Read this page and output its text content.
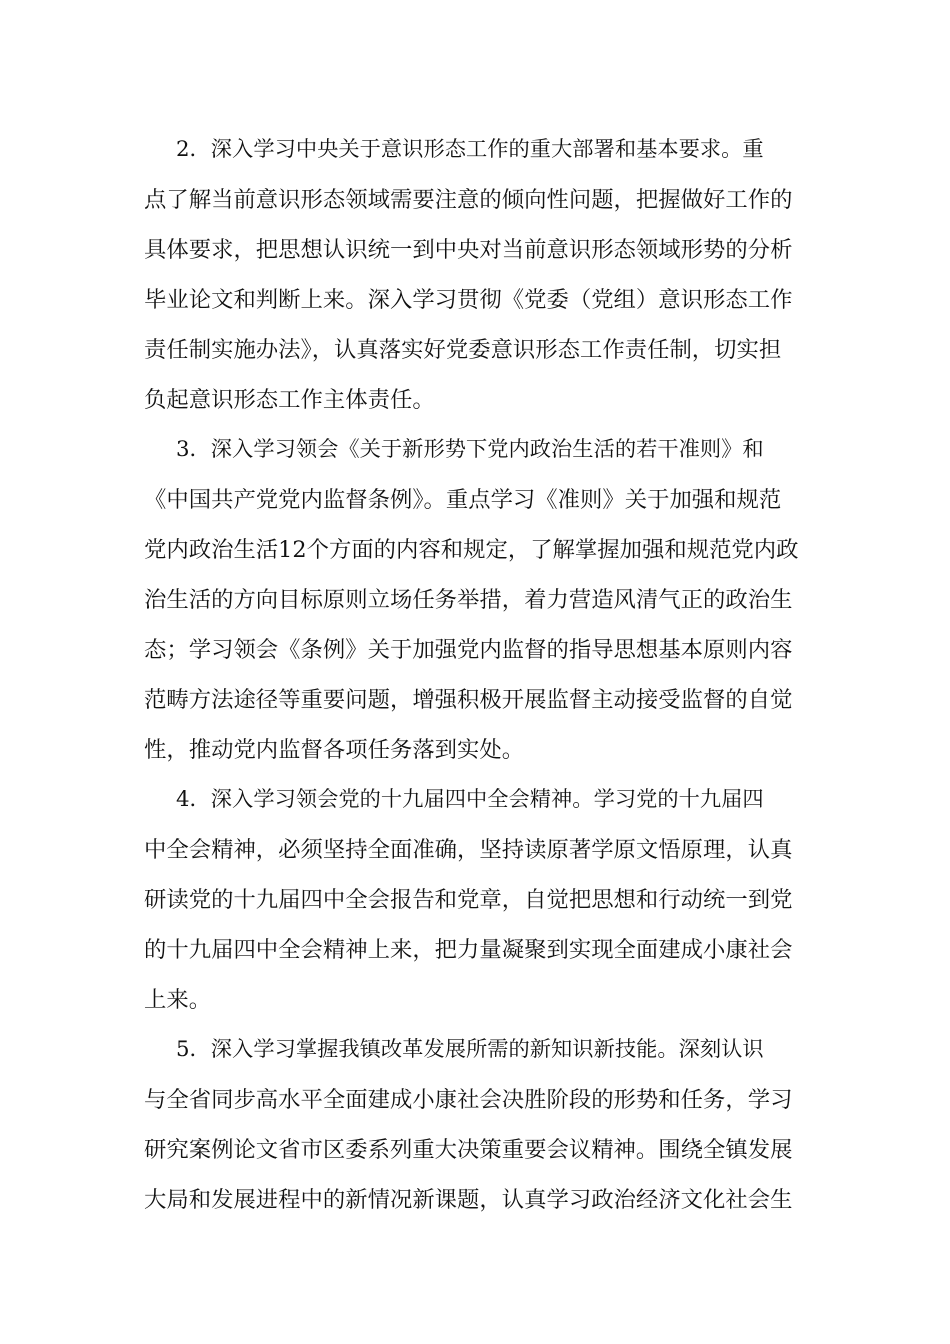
2．深入学习中央关于意识形态工作的重大部署和基本要求。重
点了解当前意识形态领域需要注意的倾向性问题，把握做好工作的
具体要求，把思想认识统一到中央对当前意识形态领域形势的分析
毕业论文和判断上来。深入学习贯彻《党委（党组）意识形态工作
责任制实施办法》，认真落实好党委意识形态工作责任制，切实担
负起意识形态工作主体责任。
3．深入学习领会《关于新形势下党内政治生活的若干准则》和
《中国共产党党内监督条例》。重点学习《准则》关于加强和规范
党内政治生活12个方面的内容和规定，了解掌握加强和规范党内政
治生活的方向目标原则立场任务举措，着力营造风清气正的政治生
态；学习领会《条例》关于加强党内监督的指导思想基本原则内容
范畴方法途径等重要问题，增强积极开展监督主动接受监督的自觉
性，推动党内监督各项任务落到实处。
4．深入学习领会党的十九届四中全会精神。学习党的十九届四
中全会精神，必须坚持全面准确，坚持读原著学原文悟原理，认真
研读党的十九届四中全会报告和党章，自觉把思想和行动统一到党
的十九届四中全会精神上来，把力量凝聚到实现全面建成小康社会
上来。
5．深入学习掌握我镇改革发展所需的新知识新技能。深刻认识
与全省同步高水平全面建成小康社会决胜阶段的形势和任务，学习
研究案例论文省市区委系列重大决策重要会议精神。围绕全镇发展
大局和发展进程中的新情况新课题，认真学习政治经济文化社会生
